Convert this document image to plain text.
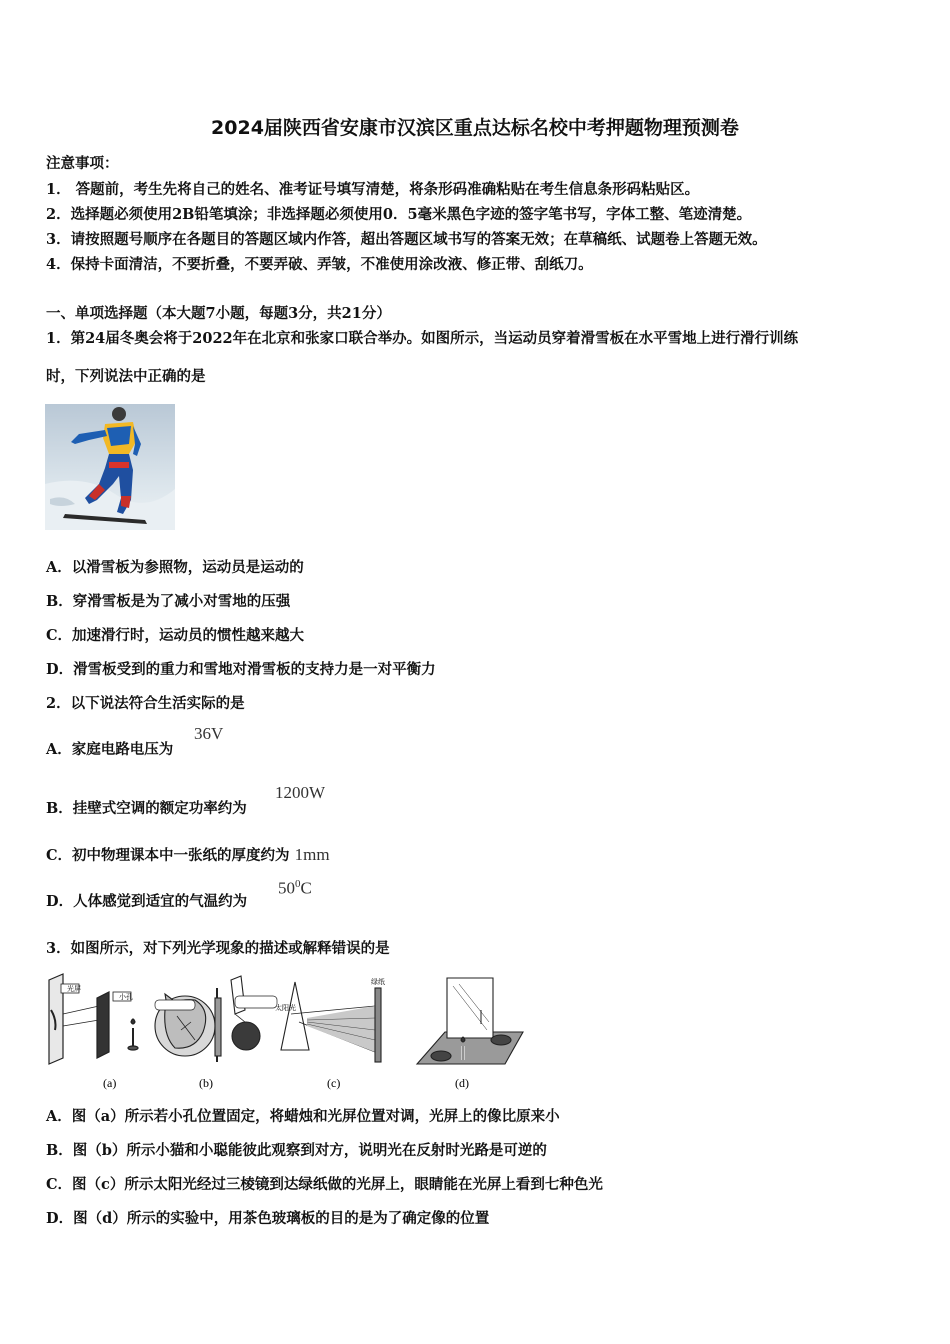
2024届陕西省安康市汉滨区重点达标名校中考押题物理预测卷
注意事项：
1． 答题前，考生先将自己的姓名、准考证号填写清楚，将条形码准确粘贴在考生信息条形码粘贴区。
2．选择题必须使用2B铅笔填涂；非选择题必须使用0．5毫米黑色字迹的签字笔书写，字体工整、笔迹清楚。
3．请按照题号顺序在各题目的答题区域内作答，超出答题区域书写的答案无效；在草稿纸、试题卷上答题无效。
4．保持卡面清洁，不要折叠，不要弄破、弄皱，不准使用涂改液、修正带、刮纸刀。
一、单项选择题（本大题7小题，每题3分，共21分）
1．第24届冬奥会将于2022年在北京和张家口联合举办。如图所示，当运动员穿着滑雪板在水平雪地上进行滑行训练
时，下列说法中正确的是
A．以滑雪板为参照物，运动员是运动的
B．穿滑雪板是为了减小对雪地的压强
C．加速滑行时，运动员的惯性越来越大
D．滑雪板受到的重力和雪地对滑雪板的支持力是一对平衡力
2．以下说法符合生活实际的是
A．家庭电路电压为
36V
B．挂壁式空调的额定功率约为
1200W
C．初中物理课本中一张纸的厚度约为 1mm
D．人体感觉到适宜的气温约为
$50^0C$
3．如图所示，对下列光学现象的描述或解释错误的是
光屏
小孔
太阳光
绿纸
(a)	(b)	(c)	(d)
A．图（a）所示若小孔位置固定，将蜡烛和光屏位置对调，光屏上的像比原来小
B．图（b）所示小猫和小聪能彼此观察到对方，说明光在反射时光路是可逆的
C．图（c）所示太阳光经过三棱镜到达绿纸做的光屏上，眼睛能在光屏上看到七种色光
D．图（d）所示的实验中，用茶色玻璃板的目的是为了确定像的位置
